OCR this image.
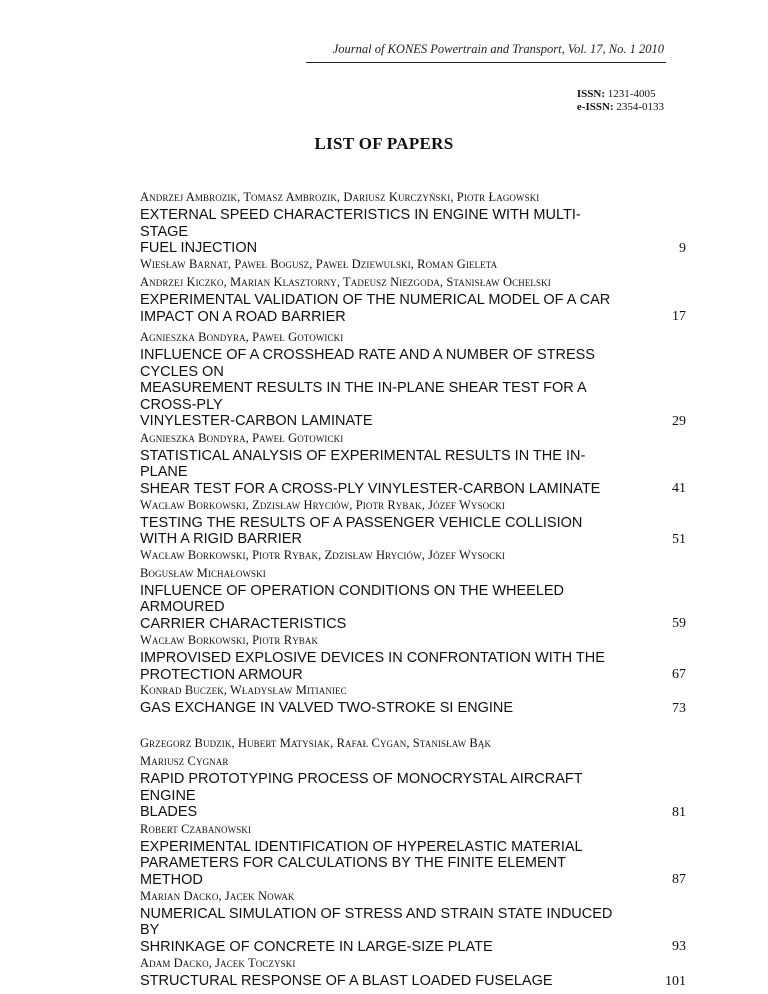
Journal of KONES Powertrain and Transport, Vol. 17, No. 1 2010
ISSN: 1231-4005
e-ISSN: 2354-0133
LIST OF PAPERS
Andrzej Ambrozik, Tomasz Ambrozik, Dariusz Kurczyński, Piotr Łagowski
EXTERNAL SPEED CHARACTERISTICS IN ENGINE WITH MULTI-STAGE
FUEL INJECTION	9
Wiesław Barnat, Paweł Bogusz, Paweł Dziewulski, Roman Gieleta
Andrzej Kiczko, Marian Klasztorny, Tadeusz Niezgoda, Stanisław Ochelski
EXPERIMENTAL VALIDATION OF THE NUMERICAL MODEL OF A CAR
IMPACT ON A ROAD BARRIER	17
Agnieszka Bondyra, Paweł Gotowicki
INFLUENCE OF A CROSSHEAD RATE AND A NUMBER OF STRESS CYCLES ON
MEASUREMENT RESULTS IN THE IN-PLANE SHEAR TEST FOR A CROSS-PLY
VINYLESTER-CARBON LAMINATE	29
Agnieszka Bondyra, Paweł Gotowicki
STATISTICAL ANALYSIS OF EXPERIMENTAL RESULTS IN THE IN-PLANE
SHEAR TEST FOR A CROSS-PLY VINYLESTER-CARBON LAMINATE	41
Wacław Borkowski, Zdzisław Hryciów, Piotr Rybak, Józef Wysocki
TESTING THE RESULTS OF A PASSENGER VEHICLE COLLISION
WITH A RIGID BARRIER	51
Wacław Borkowski, Piotr Rybak, Zdzisław Hryciów, Józef Wysocki
Bogusław Michałowski
INFLUENCE OF OPERATION CONDITIONS ON THE WHEELED ARMOURED
CARRIER CHARACTERISTICS	59
Wacław Borkowski, Piotr Rybak
IMPROVISED EXPLOSIVE DEVICES IN CONFRONTATION WITH THE
PROTECTION ARMOUR	67
Konrad Buczek, Władysław Mitianiec
GAS EXCHANGE IN VALVED TWO-STROKE SI ENGINE	73
Grzegorz Budzik, Hubert Matysiak, Rafał Cygan, Stanisław Bąk
Mariusz Cygnar
RAPID PROTOTYPING PROCESS OF MONOCRYSTAL AIRCRAFT ENGINE
BLADES	81
Robert Czabanowski
EXPERIMENTAL IDENTIFICATION OF HYPERELASTIC MATERIAL
PARAMETERS FOR CALCULATIONS BY THE FINITE ELEMENT METHOD	87
Marian Dacko, Jacek Nowak
NUMERICAL SIMULATION OF STRESS AND STRAIN STATE INDUCED BY
SHRINKAGE OF CONCRETE IN LARGE-SIZE PLATE	93
Adam Dacko, Jacek Toczyski
STRUCTURAL RESPONSE OF A BLAST LOADED FUSELAGE	101
